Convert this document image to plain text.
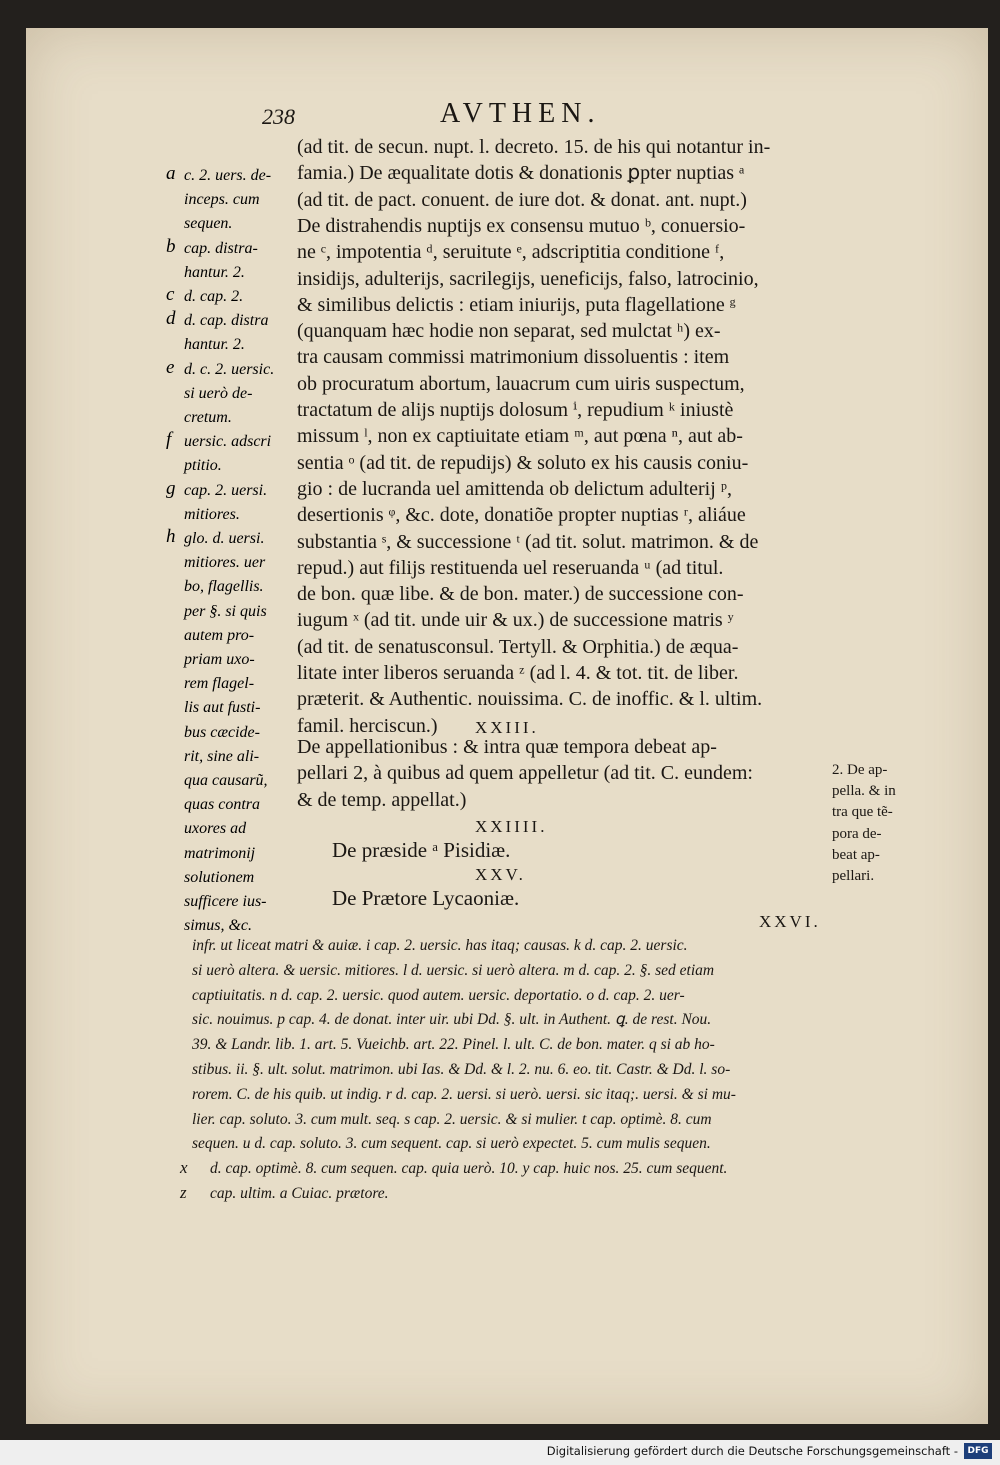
238	AVTHEN.
(ad tit. de secun. nupt. l. decreto. 15. de his qui notantur in-
famia.) De æqualitate dotis & donationis ꝑpter nuptias ᵃ
(ad tit. de pact. conuent. de iure dot. & donat. ant. nupt.)
De distrahendis nuptijs ex consensu mutuo ᵇ, conuersio-
ne ᶜ, impotentia ᵈ, seruitute ᵉ, adscriptitia conditione ᶠ,
insidijs, adulterijs, sacrilegijs, ueneficijs, falso, latrocinio,
& similibus delictis : etiam iniurijs, puta flagellatione ᵍ
(quanquam hæc hodie non separat, sed mulctat ʰ) ex-
tra causam commissi matrimonium dissoluentis : item
ob procuratum abortum, lauacrum cum uiris suspectum,
tractatum de alijs nuptijs dolosum ⁱ, repudium ᵏ iniustè
missum ˡ, non ex captiuitate etiam ᵐ, aut pœna ⁿ, aut ab-
sentia ᵒ (ad tit. de repudijs) & soluto ex his causis coniu-
gio : de lucranda uel amittenda ob delictum adulterij ᵖ,
desertionis ᵠ, &c. dote, donatiõe propter nuptias ʳ, aliáue
substantia ˢ, & successione ᵗ (ad tit. solut. matrimon. & de
repud.) aut filijs restituenda uel reseruanda ᵘ (ad titul.
de bon. quæ libe. & de bon. mater.) de successione con-
iugum ˣ (ad tit. unde uir & ux.) de successione matris ʸ
(ad tit. de senatusconsul. Tertyll. & Orphitia.) de æqua-
litate inter liberos seruanda ᶻ (ad l. 4. & tot. tit. de liber.
præterit. & Authentic. nouissima. C. de inoffic. & l. ultim.
famil. herciscun.)
a c. 2. uers. de-
inceps. cum
sequen.
b cap. distra-
hantur. 2.
c d. cap. 2.
d d. cap. distra
hantur. 2.
e d. c. 2. uersic.
si uerò de-
cretum.
f uersic. adscri
ptitio.
g cap. 2. uersi.
mitiores.
h glo. d. uersi.
mitiores. uer
bo, flagellis.
per §. si quis
autem pro-
priam uxo-
rem flagel-
lis aut fusti-
bus cæcide-
rit, sine ali-
qua causarũ,
quas contra
uxores ad
matrimonij
solutionem
sufficere ius-
simus, &c.
XXIII.
De appellationibus : & intra quæ tempora debeat ap-
pellari 2, à quibus ad quem appelletur (ad tit. C. eundem:
& de temp. appellat.)
XXIIII.
De præside ᵃ Pisidiæ.
XXV.
De Prætore Lycaoniæ.
XXVI.
2. De ap-
pella. & in
tra que tẽ-
pora de-
beat ap-
pellari.
infr. ut liceat matri & auiæ. i cap. 2. uersic. has itaq; causas. k d. cap. 2. uersic.
si uerò altera. & uersic. mitiores. l d. uersic. si uerò altera. m d. cap. 2. §. sed etiam
captiuitatis. n d. cap. 2. uersic. quod autem. uersic. deportatio. o d. cap. 2. uer-
sic. nouimus. p cap. 4. de donat. inter uir. ubi Dd. §. ult. in Authent. ꝗ. de rest. Nou.
39. & Landr. lib. 1. art. 5. Vueichb. art. 22. Pinel. l. ult. C. de bon. mater. q si ab ho-
stibus. ii. §. ult. solut. matrimon. ubi Ias. & Dd. & l. 2. nu. 6. eo. tit. Castr. & Dd. l. so-
rorem. C. de his quib. ut indig. r d. cap. 2. uersi. si uerò. uersi. sic itaq;. uersi. & si mu-
lier. cap. soluto. 3. cum mult. seq. s cap. 2. uersic. & si mulier. t cap. optimè. 8. cum
sequen. u d. cap. soluto. 3. cum sequent. cap. si uerò expectet. 5. cum mulis sequen.
x d. cap. optimè. 8. cum sequen. cap. quia uerò. 10. y cap. huic nos. 25. cum sequent.
z cap. ultim. a Cuiac. prætore.
Digitalisierung gefördert durch die Deutsche Forschungsgemeinschaft -	DFG
